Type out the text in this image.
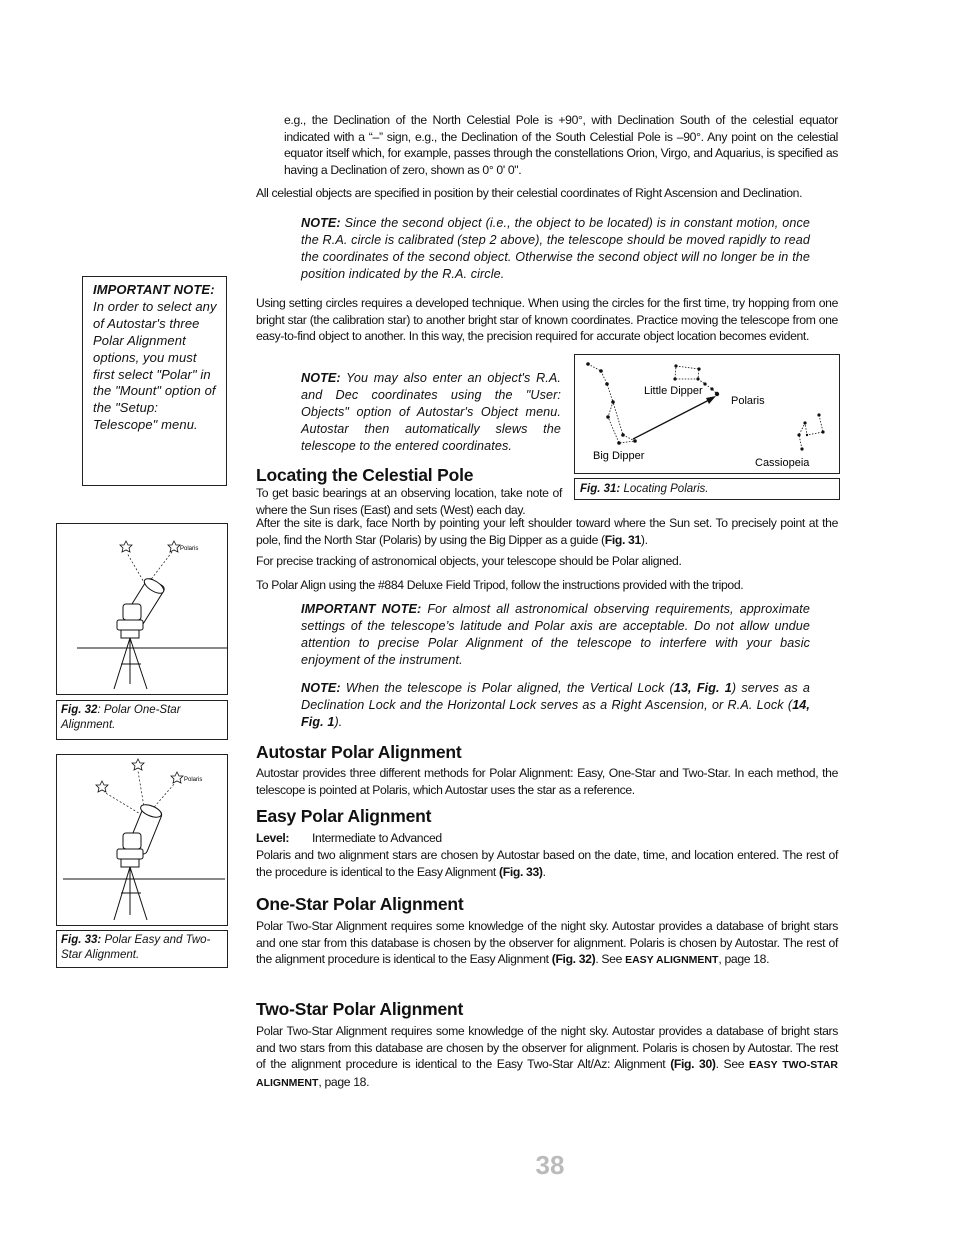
e.g., the Declination of the North Celestial Pole is +90°, with Declination South of the celestial equator indicated with a “–” sign, e.g., the Declination of the South Celestial Pole is –90°. Any point on the celestial equator itself which, for example, passes through the constellations Orion, Virgo, and Aquarius, is specified as having a Declination of zero, shown as 0° 0' 0".
All celestial objects are specified in position by their celestial coordinates of Right Ascension and Declination.
NOTE: Since the second object (i.e., the object to be located) is in constant motion, once the R.A. circle is calibrated (step 2 above), the telescope should be moved rapidly to read the coordinates of the second object. Otherwise the second object will no longer be in the position indicated by the R.A. circle.
IMPORTANT NOTE: In order to select any of Autostar's three Polar Alignment options, you must first select "Polar" in the "Mount" option of the "Setup: Telescope" menu.
Using setting circles requires a developed technique. When using the circles for the first time, try hopping from one bright star (the calibration star) to another bright star of known coordinates. Practice moving the telescope from one easy-to-find object to another. In this way, the precision required for accurate object location becomes evident.
NOTE: You may also enter an object's R.A. and Dec coordinates using the "User: Objects" option of Autostar's Object menu. Autostar then automatically slews the telescope to the entered coordinates.
Little Dipper
Polaris
Big Dipper
Cassiopeia
Fig. 31: Locating Polaris.
Locating the Celestial Pole
To get basic bearings at an observing location, take note of where the Sun rises (East) and sets (West) each day.
After the site is dark, face North by pointing your left shoulder toward where the Sun set. To precisely point at the pole, find the North Star (Polaris) by using the Big Dipper as a guide (Fig. 31).
For precise tracking of astronomical objects, your telescope should be Polar aligned.
To Polar Align using the #884 Deluxe Field Tripod, follow the instructions provided with the tripod.
IMPORTANT NOTE: For almost all astronomical observing requirements, approximate settings of the telescope’s latitude and Polar axis are acceptable. Do not allow undue attention to precise Polar Alignment of the telescope to interfere with your basic enjoyment of the instrument.
NOTE: When the telescope is Polar aligned, the Vertical Lock (13, Fig. 1) serves as a Declination Lock and the Horizontal Lock serves as a Right Ascension, or R.A. Lock (14, Fig. 1).
Polaris
Fig. 32: Polar One-Star Alignment.
Polaris
Fig. 33: Polar Easy and Two-Star Alignment.
Autostar Polar Alignment
Autostar provides three different methods for Polar Alignment: Easy, One-Star and Two-Star. In each method, the telescope is pointed at Polaris, which Autostar uses the star as a reference.
Easy Polar Alignment
Level: Intermediate to Advanced
Polaris and two alignment stars are chosen by Autostar based on the date, time, and location entered. The rest of the procedure is identical to the Easy Alignment (Fig. 33).
One-Star Polar Alignment
Polar Two-Star Alignment requires some knowledge of the night sky. Autostar provides a database of bright stars and one star from this database is chosen by the observer for alignment. Polaris is chosen by Autostar. The rest of the alignment procedure is identical to the Easy Alignment (Fig. 32). See EASY ALIGNMENT, page 18.
Two-Star Polar Alignment
Polar Two-Star Alignment requires some knowledge of the night sky. Autostar provides a database of bright stars and two stars from this database are chosen by the observer for alignment. Polaris is chosen by Autostar. The rest of the alignment procedure is identical to the Easy Two-Star Alt/Az: Alignment (Fig. 30). See EASY TWO-STAR ALIGNMENT, page 18.
38
